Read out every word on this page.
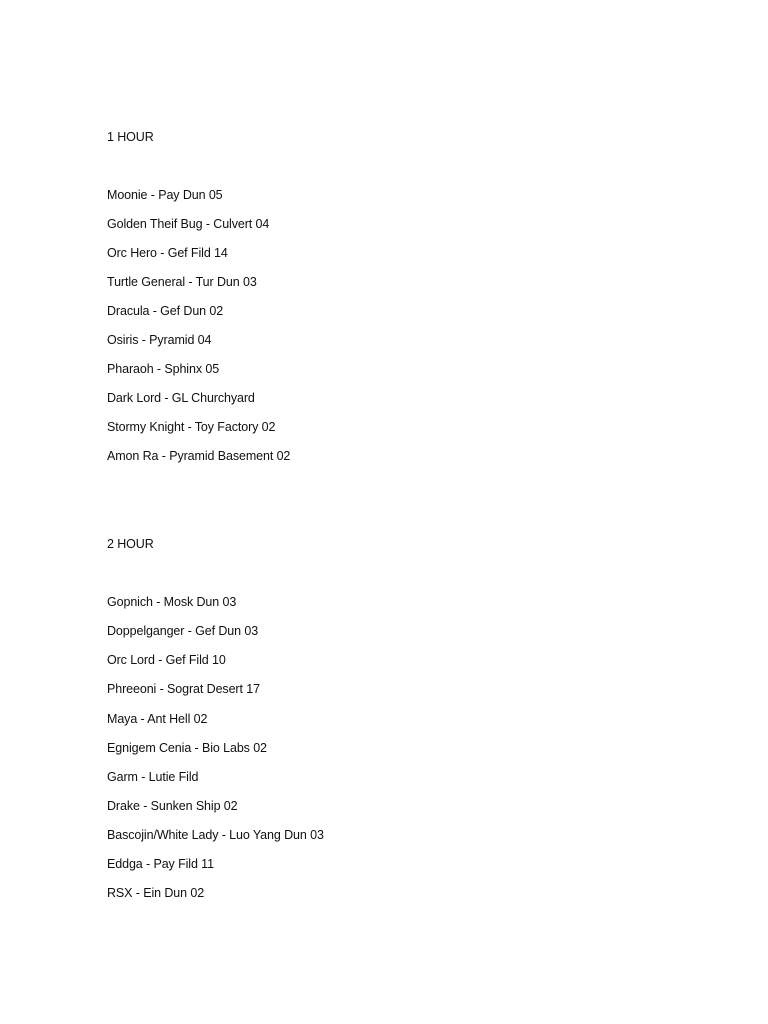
1 HOUR
Moonie - Pay Dun 05
Golden Theif Bug - Culvert 04
Orc Hero - Gef Fild 14
Turtle General - Tur Dun 03
Dracula - Gef Dun 02
Osiris - Pyramid 04
Pharaoh - Sphinx 05
Dark Lord - GL Churchyard
Stormy Knight - Toy Factory 02
Amon Ra - Pyramid Basement 02
2 HOUR
Gopnich - Mosk Dun 03
Doppelganger - Gef Dun 03
Orc Lord - Gef Fild 10
Phreeoni - Sograt Desert 17
Maya - Ant Hell 02
Egnigem Cenia - Bio Labs 02
Garm - Lutie Fild
Drake - Sunken Ship 02
Bascojin/White Lady - Luo Yang Dun 03
Eddga - Pay Fild 11
RSX - Ein Dun 02
